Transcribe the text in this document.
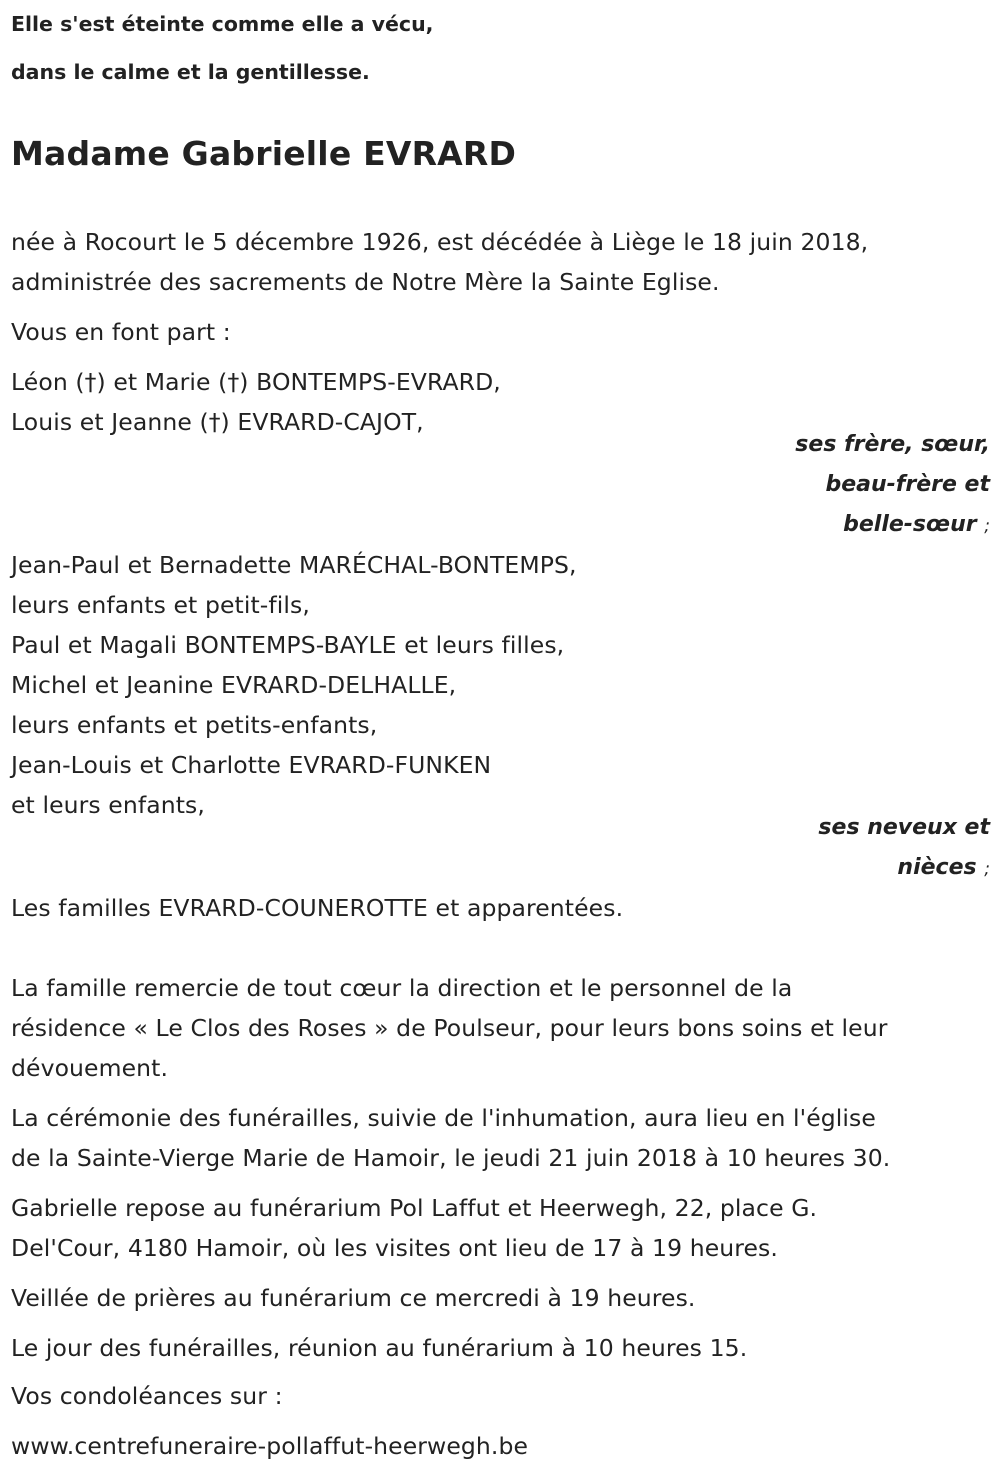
Elle s'est éteinte comme elle a vécu,
dans le calme et la gentillesse.
Madame Gabrielle EVRARD
née à Rocourt le 5 décembre 1926, est décédée à Liège le 18 juin 2018,
administrée des sacrements de Notre Mère la Sainte Eglise.
Vous en font part :
Léon (†) et Marie (†) BONTEMPS-EVRARD,
Louis et Jeanne (†) EVRARD-CAJOT,
ses frère, sœur,
beau-frère et
belle-sœur ;
Jean-Paul et Bernadette MARÉCHAL-BONTEMPS,
leurs enfants et petit-fils,
Paul et Magali BONTEMPS-BAYLE et leurs filles,
Michel et Jeanine EVRARD-DELHALLE,
leurs enfants et petits-enfants,
Jean-Louis et Charlotte EVRARD-FUNKEN
et leurs enfants,
ses neveux et
nièces ;
Les familles EVRARD-COUNEROTTE et apparentées.
La famille remercie de tout cœur la direction et le personnel de la
résidence « Le Clos des Roses » de Poulseur, pour leurs bons soins et leur
dévouement.
La cérémonie des funérailles, suivie de l'inhumation, aura lieu en l'église
de la Sainte-Vierge Marie de Hamoir, le jeudi 21 juin 2018 à 10 heures 30.
Gabrielle repose au funérarium Pol Laffut et Heerwegh, 22, place G.
Del'Cour, 4180 Hamoir, où les visites ont lieu de 17 à 19 heures.
Veillée de prières au funérarium ce mercredi à 19 heures.
Le jour des funérailles, réunion au funérarium à 10 heures 15.
Vos condoléances sur :
www.centrefuneraire-pollaffut-heerwegh.be
